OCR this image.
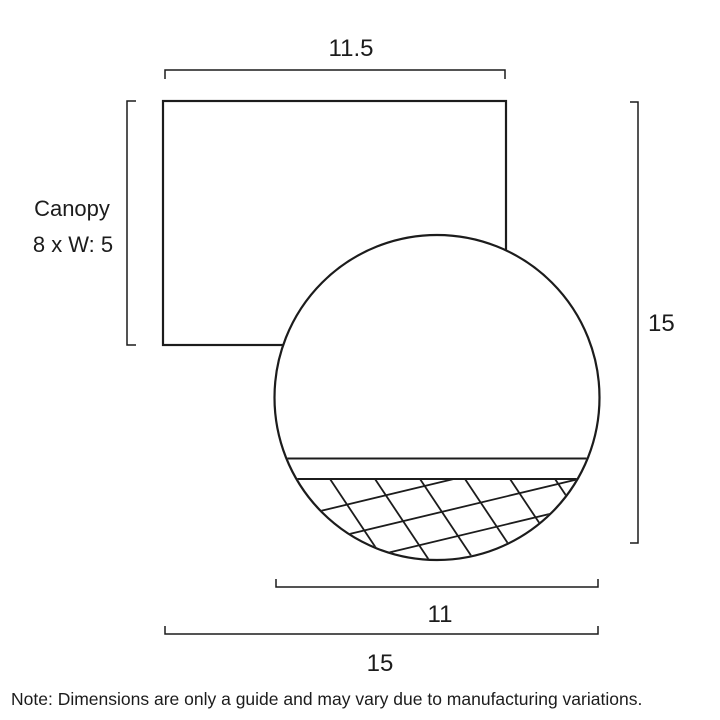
11.5
Canopy
8 x W: 5
15
11
15
Note: Dimensions are only a guide and may vary due to manufacturing variations.
